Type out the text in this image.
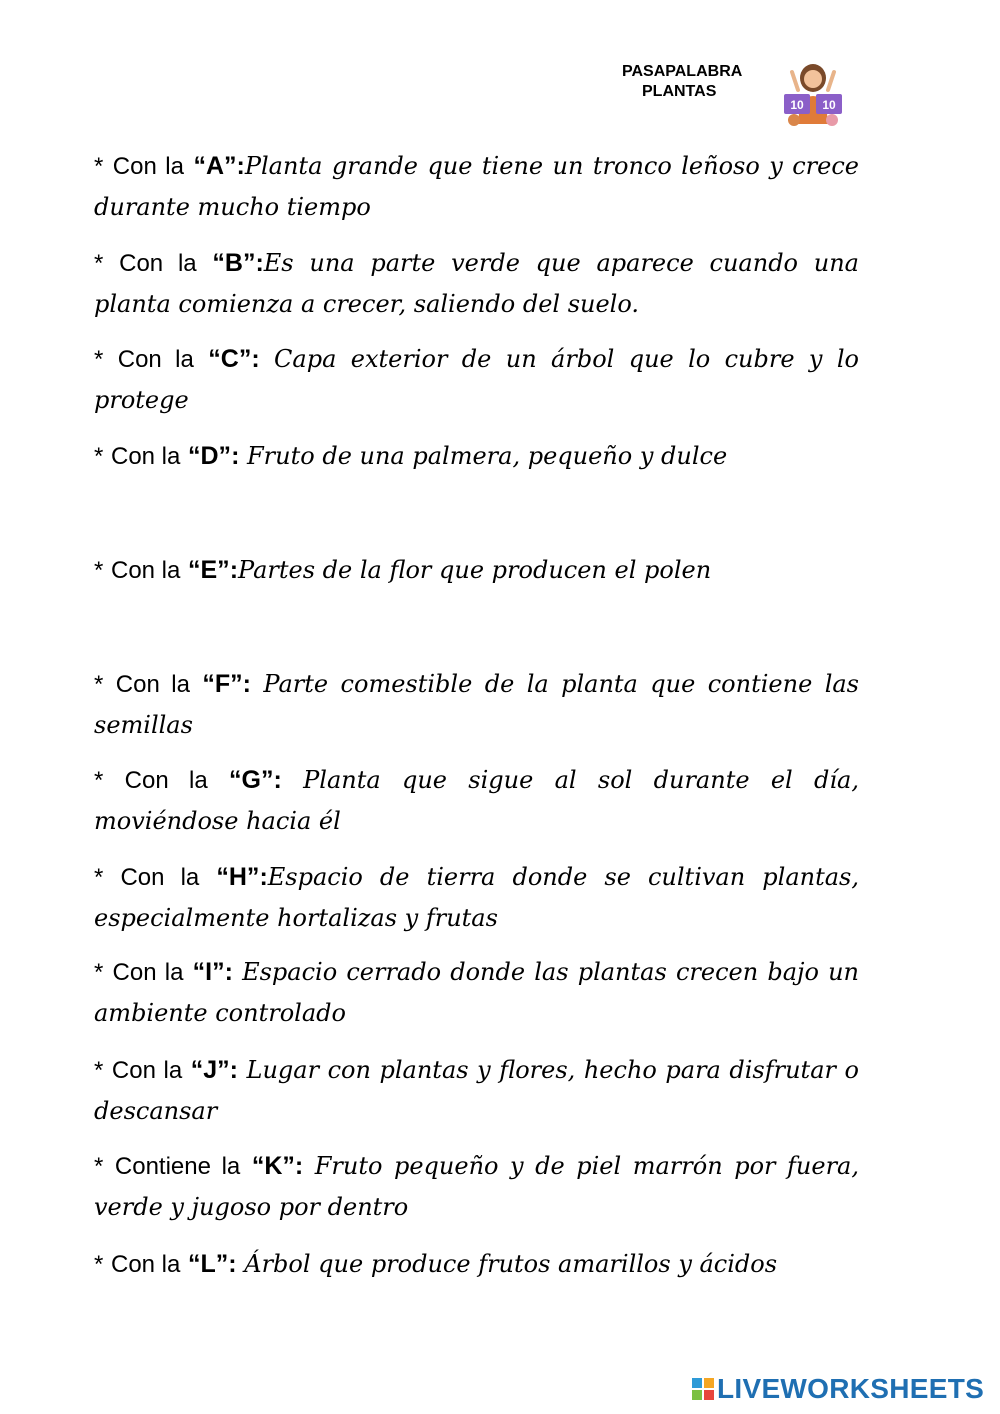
PASAPALABRA
PLANTAS
10 10
* Con la “A”:Planta grande que tiene un tronco leñoso y crece durante mucho tiempo
* Con la “B”:Es una parte verde que aparece cuando una planta comienza a crecer, saliendo del suelo.
* Con la “C”: Capa exterior de un árbol que lo cubre y lo protege
* Con la “D”: Fruto de una palmera, pequeño y dulce
* Con la “E”:Partes de la flor que producen el polen
* Con la “F”: Parte comestible de la planta que contiene las semillas
* Con la “G”: Planta que sigue al sol durante el día, moviéndose hacia él
* Con la “H”:Espacio de tierra donde se cultivan plantas, especialmente hortalizas y frutas
* Con la “I”: Espacio cerrado donde las plantas crecen bajo un ambiente controlado
* Con la “J”: Lugar con plantas y flores, hecho para disfrutar o descansar
* Contiene la “K”: Fruto pequeño y de piel marrón por fuera, verde y jugoso por dentro
* Con la “L”: Árbol que produce frutos amarillos y ácidos
LIVEWORKSHEETS
